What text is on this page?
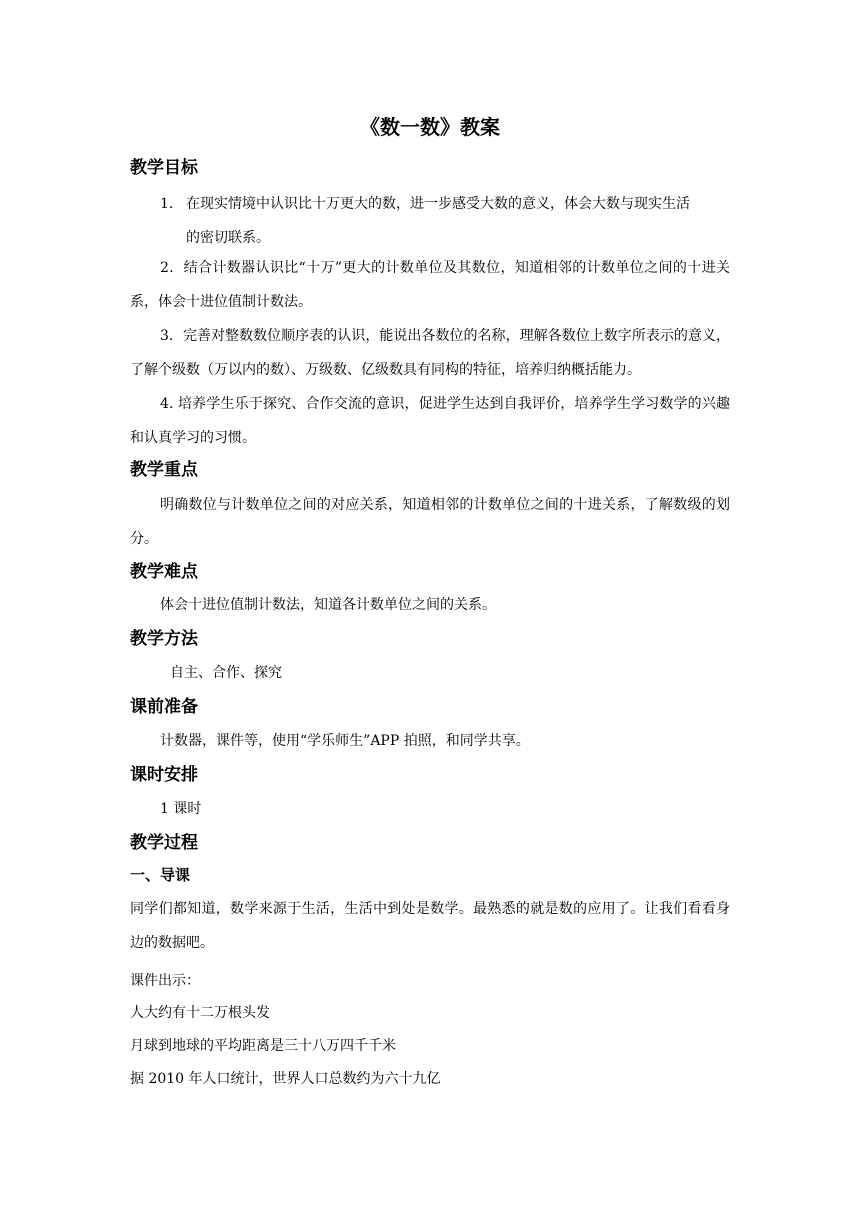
《数一数》教案
教学目标
1. 在现实情境中认识比十万更大的数，进一步感受大数的意义，体会大数与现实生活
的密切联系。
2．结合计数器认识比“十万”更大的计数单位及其数位，知道相邻的计数单位之间的十进关系，体会十进位值制计数法。
3．完善对整数数位顺序表的认识，能说出各数位的名称，理解各数位上数字所表示的意义，了解个级数（万以内的数）、万级数、亿级数具有同构的特征，培养归纳概括能力。
4. 培养学生乐于探究、合作交流的意识，促进学生达到自我评价，培养学生学习数学的兴趣和认真学习的习惯。
教学重点
明确数位与计数单位之间的对应关系，知道相邻的计数单位之间的十进关系，了解数级的划分。
教学难点
体会十进位值制计数法，知道各计数单位之间的关系。
教学方法
自主、合作、探究
课前准备
计数器，课件等，使用“学乐师生”APP 拍照，和同学共享。
课时安排
1 课时
教学过程
一、导课
同学们都知道，数学来源于生活，生活中到处是数学。最熟悉的就是数的应用了。让我们看看身边的数据吧。
课件出示：
人大约有十二万根头发
月球到地球的平均距离是三十八万四千千米
据 2010 年人口统计，世界人口总数约为六十九亿
